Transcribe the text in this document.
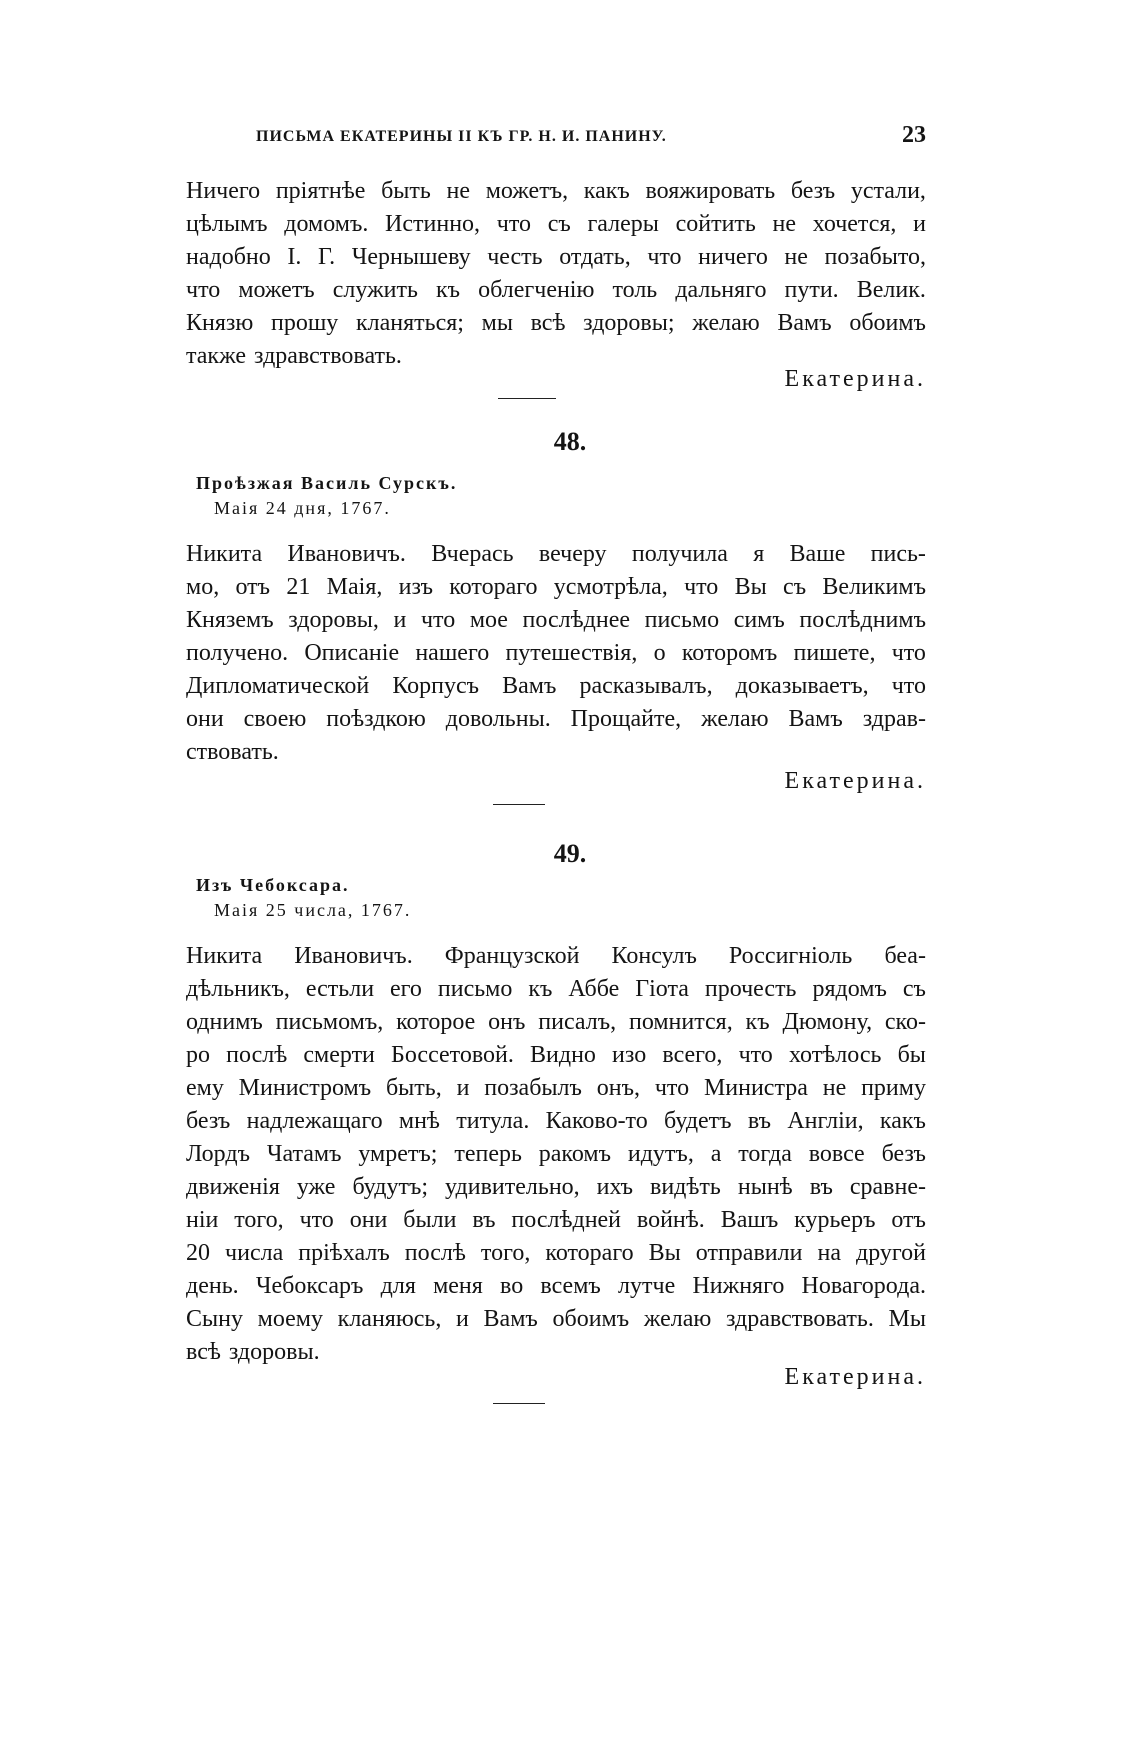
ПИСЬМА ЕКАТЕРИНЫ II КЪ ГР. Н. И. ПАНИНУ.	23
Ничего пріятнѣе быть не можетъ, какъ вояжировать безъ устали,
цѣлымъ домомъ. Истинно, что съ галеры сойтить не хочется, и
надобно І. Г. Чернышеву честь отдать, что ничего не позабыто,
что можетъ служить къ облегченію толь дальняго пути. Велик.
Князю прошу кланяться; мы всѣ здоровы; желаю Вамъ обоимъ
также здравствовать.
Екатерина.
48.
Проѣзжая Василь Сурскъ.
Маія 24 дня, 1767.
Никита Ивановичъ. Вчерась вечеру получила я Ваше пись-
мо, отъ 21 Маія, изъ котораго усмотрѣла, что Вы съ Великимъ
Княземъ здоровы, и что мое послѣднее письмо симъ послѣднимъ
получено. Описаніе нашего путешествія, о которомъ пишете, что
Дипломатической Корпусъ Вамъ расказывалъ, доказываетъ, что
они своею поѣздкою довольны. Прощайте, желаю Вамъ здрав-
ствовать.
Екатерина.
49.
Изъ Чебоксара.
Маія 25 числа, 1767.
Никита Ивановичъ. Французской Консулъ Россигніоль беа-
дѣльникъ, естьли его письмо къ Аббе Гіота прочесть рядомъ съ
однимъ письмомъ, которое онъ писалъ, помнится, къ Дюмону, ско-
ро послѣ смерти Боссетовой. Видно изо всего, что хотѣлось бы
ему Министромъ быть, и позабылъ онъ, что Министра не приму
безъ надлежащаго мнѣ титула. Каково-то будетъ въ Англіи, какъ
Лордъ Чатамъ умретъ; теперь ракомъ идутъ, а тогда вовсе безъ
движенія уже будутъ; удивительно, ихъ видѣть нынѣ въ сравне-
ніи того, что они были въ послѣдней войнѣ. Вашъ курьеръ отъ
20 числа пріѣхалъ послѣ того, котораго Вы отправили на другой
день. Чебоксаръ для меня во всемъ лутче Нижняго Новагорода.
Сыну моему кланяюсь, и Вамъ обоимъ желаю здравствовать. Мы
всѣ здоровы.
Екатерина.
